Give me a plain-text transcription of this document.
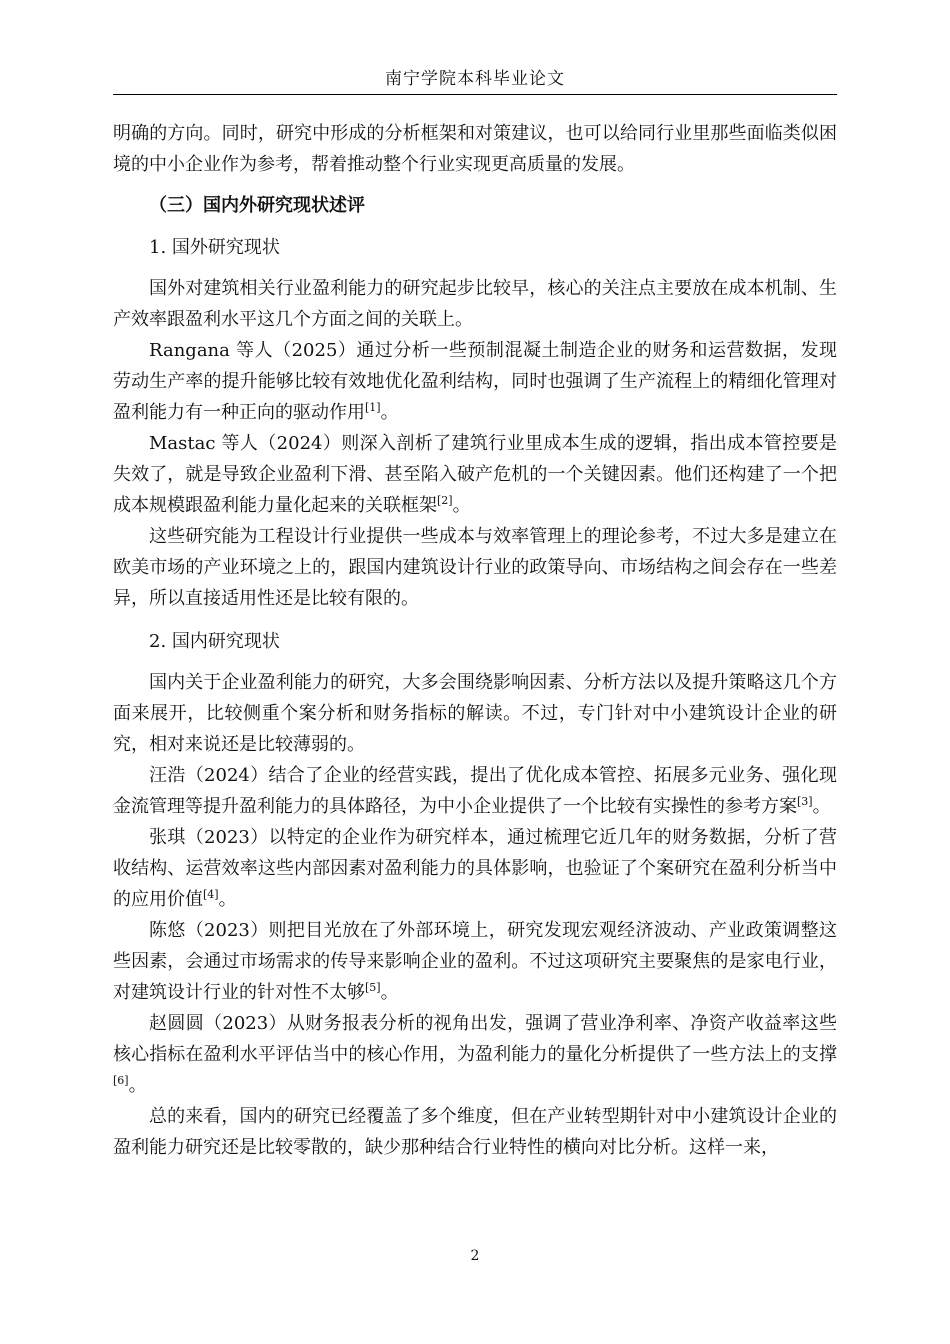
南宁学院本科毕业论文

明确的方向。同时，研究中形成的分析框架和对策建议，也可以给同行业里那些面临类似困境的中小企业作为参考，帮着推动整个行业实现更高质量的发展。

（三）国内外研究现状述评

1. 国外研究现状

国外对建筑相关行业盈利能力的研究起步比较早，核心的关注点主要放在成本机制、生产效率跟盈利水平这几个方面之间的关联上。

Rangana 等人（2025）通过分析一些预制混凝土制造企业的财务和运营数据，发现劳动生产率的提升能够比较有效地优化盈利结构，同时也强调了生产流程上的精细化管理对盈利能力有一种正向的驱动作用[1]。

Mastac 等人（2024）则深入剖析了建筑行业里成本生成的逻辑，指出成本管控要是失效了，就是导致企业盈利下滑、甚至陷入破产危机的一个关键因素。他们还构建了一个把成本规模跟盈利能力量化起来的关联框架[2]。

这些研究能为工程设计行业提供一些成本与效率管理上的理论参考，不过大多是建立在欧美市场的产业环境之上的，跟国内建筑设计行业的政策导向、市场结构之间会存在一些差异，所以直接适用性还是比较有限的。

2. 国内研究现状

国内关于企业盈利能力的研究，大多会围绕影响因素、分析方法以及提升策略这几个方面来展开，比较侧重个案分析和财务指标的解读。不过，专门针对中小建筑设计企业的研究，相对来说还是比较薄弱的。

汪浩（2024）结合了企业的经营实践，提出了优化成本管控、拓展多元业务、强化现金流管理等提升盈利能力的具体路径，为中小企业提供了一个比较有实操性的参考方案[3]。

张琪（2023）以特定的企业作为研究样本，通过梳理它近几年的财务数据，分析了营收结构、运营效率这些内部因素对盈利能力的具体影响，也验证了个案研究在盈利分析当中的应用价值[4]。

陈悠（2023）则把目光放在了外部环境上，研究发现宏观经济波动、产业政策调整这些因素，会通过市场需求的传导来影响企业的盈利。不过这项研究主要聚焦的是家电行业，对建筑设计行业的针对性不太够[5]。

赵圆圆（2023）从财务报表分析的视角出发，强调了营业净利率、净资产收益率这些核心指标在盈利水平评估当中的核心作用，为盈利能力的量化分析提供了一些方法上的支撑[6]。

总的来看，国内的研究已经覆盖了多个维度，但在产业转型期针对中小建筑设计企业的盈利能力研究还是比较零散的，缺少那种结合行业特性的横向对比分析。这样一来，

2
